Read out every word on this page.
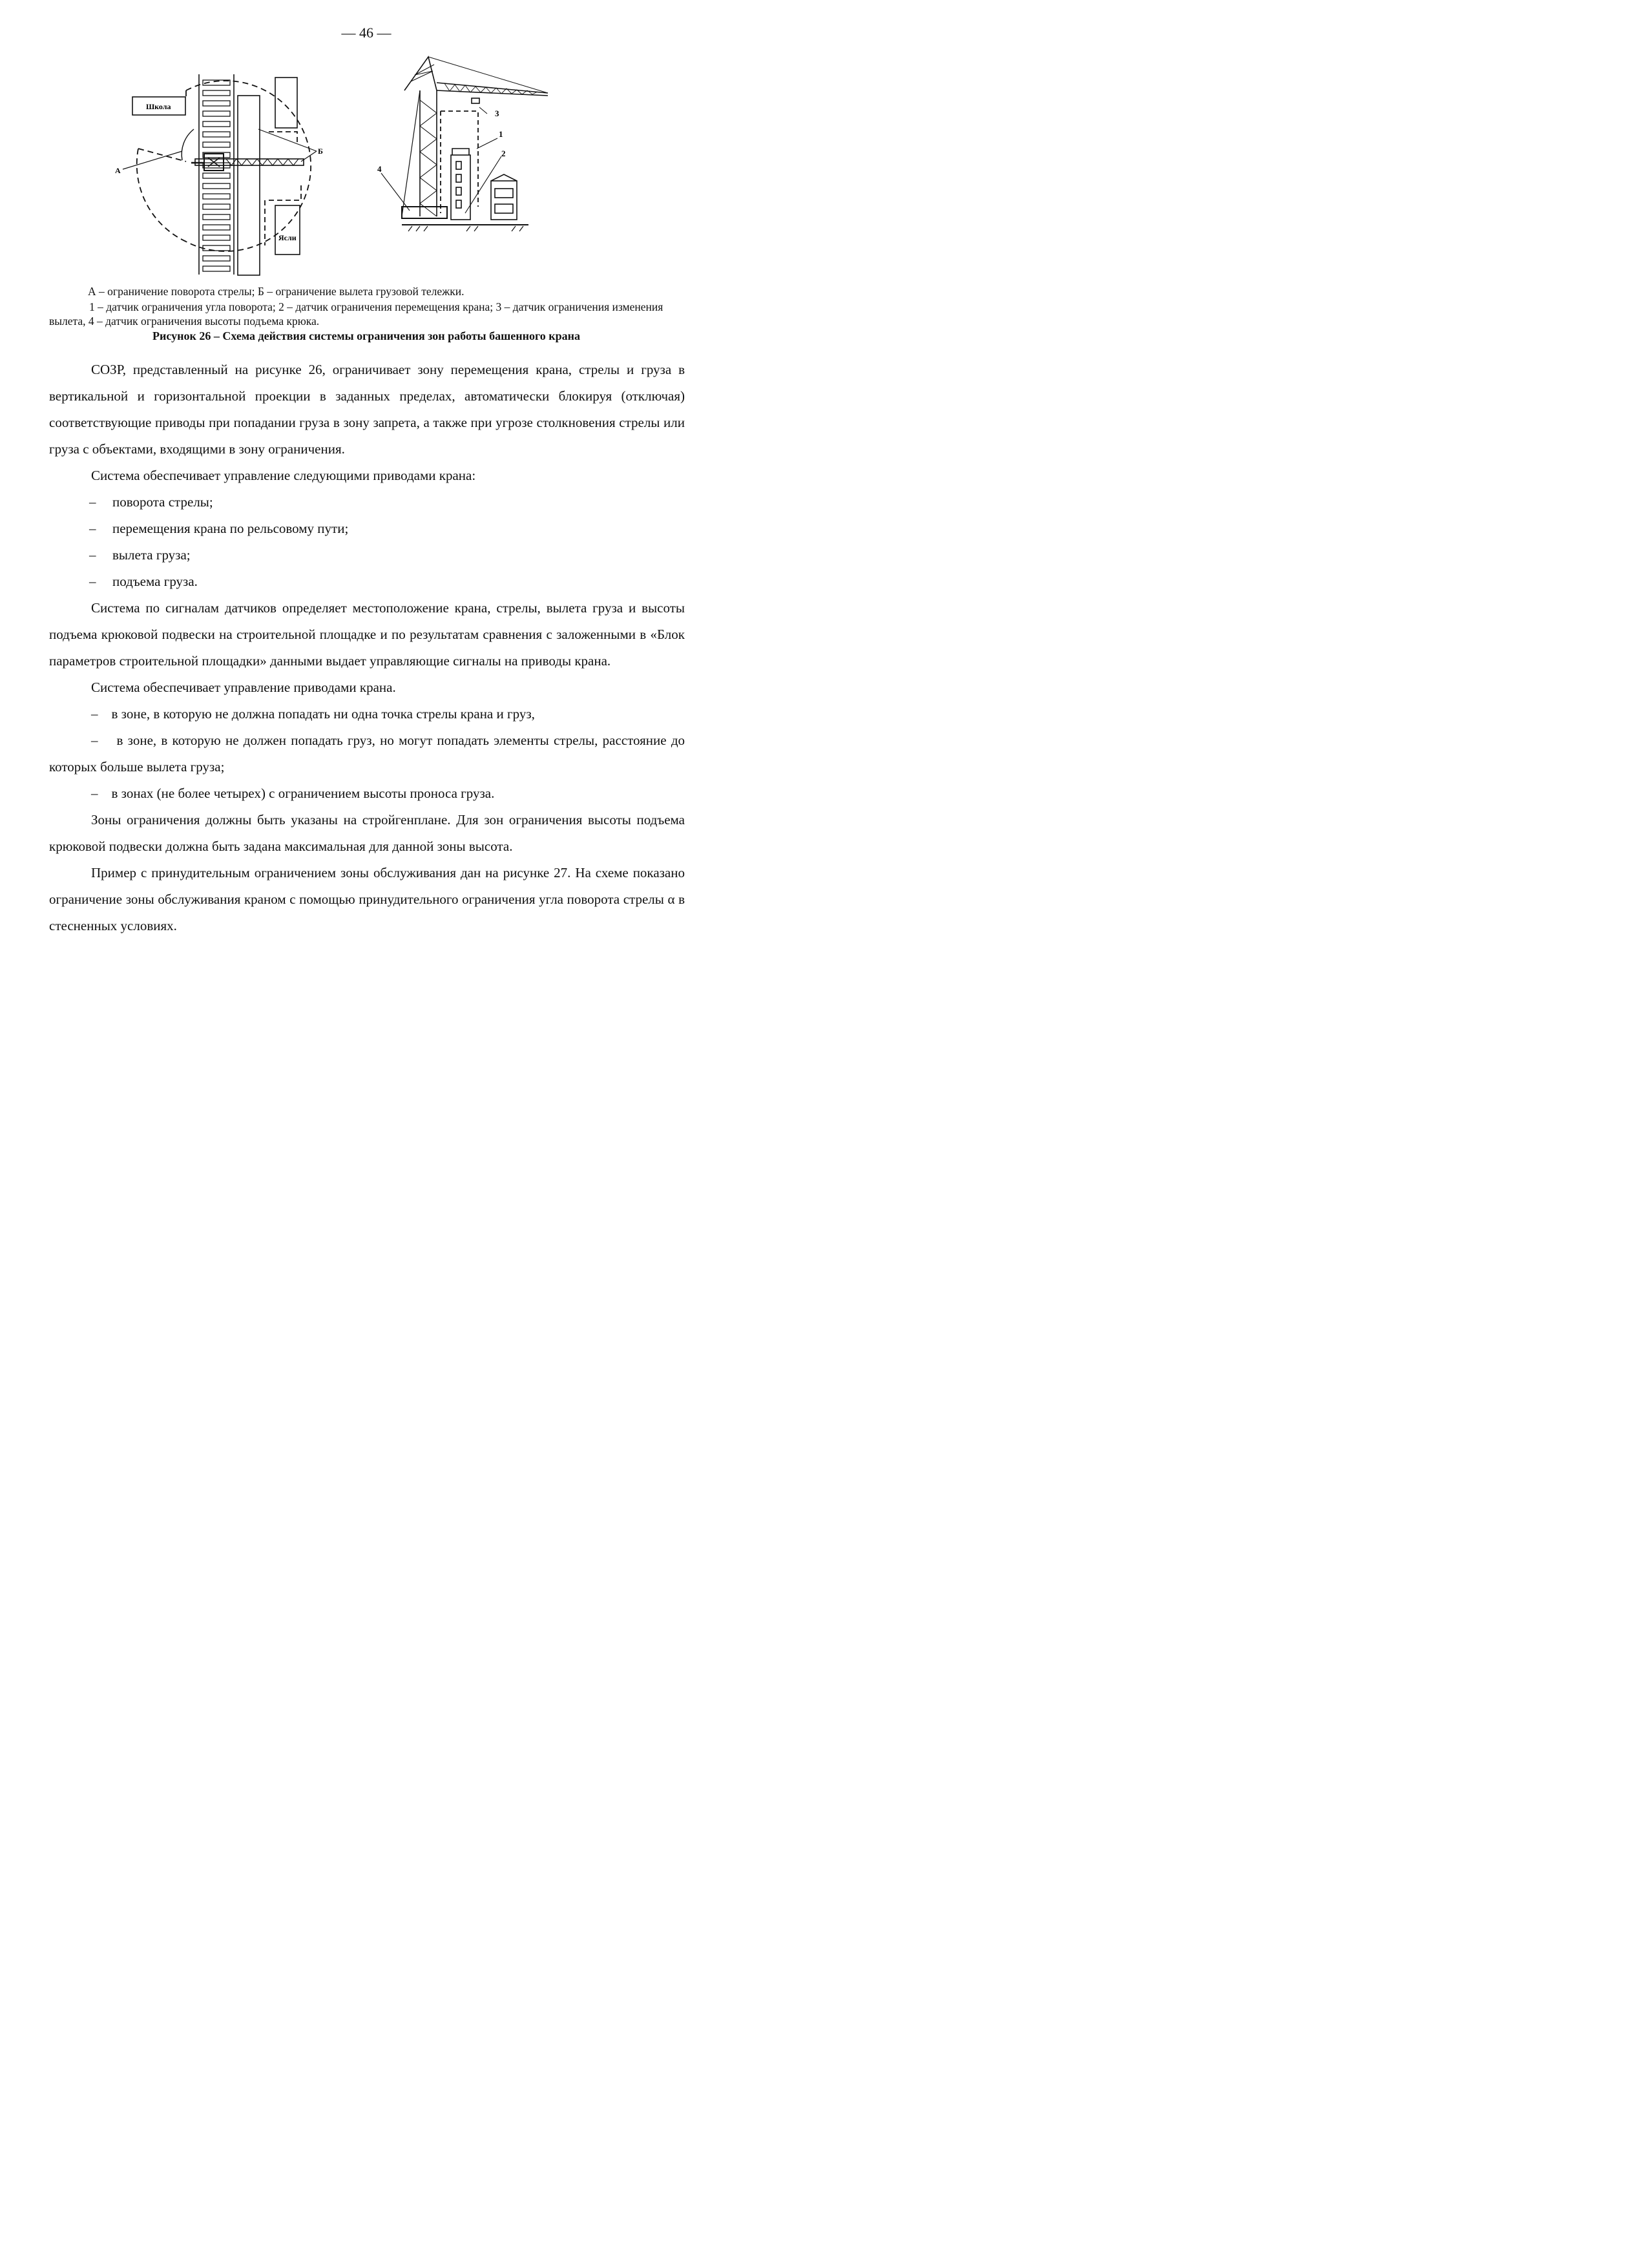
— 46 —
Школа
Ясли
А
Б
3
1
2
4
А – ограничение поворота стрелы; Б – ограничение вылета грузовой тележки.
1 – датчик ограничения угла поворота; 2 – датчик ограничения перемещения крана; 3 – датчик ограничения изменения вылета, 4 – датчик ограничения высоты подъема крюка.
Рисунок 26 – Схема действия системы ограничения зон работы башенного крана

СОЗР, представленный на рисунке 26, ограничивает зону перемещения крана, стрелы и груза в вертикальной и горизонтальной проекции в заданных пределах, автоматически блокируя (отключая) соответствующие приводы при попадании груза в зону запрета, а также при угрозе столкновения стрелы или груза с объектами, входящими в зону ограничения.

Система обеспечивает управление следующими приводами крана:

–	поворота стрелы;

–	перемещения крана по рельсовому пути;

–	вылета груза;

–	подъема груза.

Система по сигналам датчиков определяет местоположение крана, стрелы, вылета груза и высоты подъема крюковой подвески на строительной площадке и по результатам сравнения с заложенными в «Блок параметров строительной площадки» данными выдает управляющие сигналы на приводы крана.

Система обеспечивает управление приводами крана.

– в зоне, в которую не должна попадать ни одна точка стрелы крана и груз,

– в зоне, в которую не должен попадать груз, но могут попадать элементы стрелы, расстояние до которых больше вылета груза;

– в зонах (не более четырех) с ограничением высоты проноса груза.

Зоны ограничения должны быть указаны на стройгенплане. Для зон ограничения высоты подъема крюковой подвески должна быть задана максимальная для данной зоны высота.

Пример с принудительным ограничением зоны обслуживания дан на рисунке 27. На схеме показано ограничение зоны обслуживания краном с помощью принудительного ограничения угла поворота стрелы α в стесненных условиях.
